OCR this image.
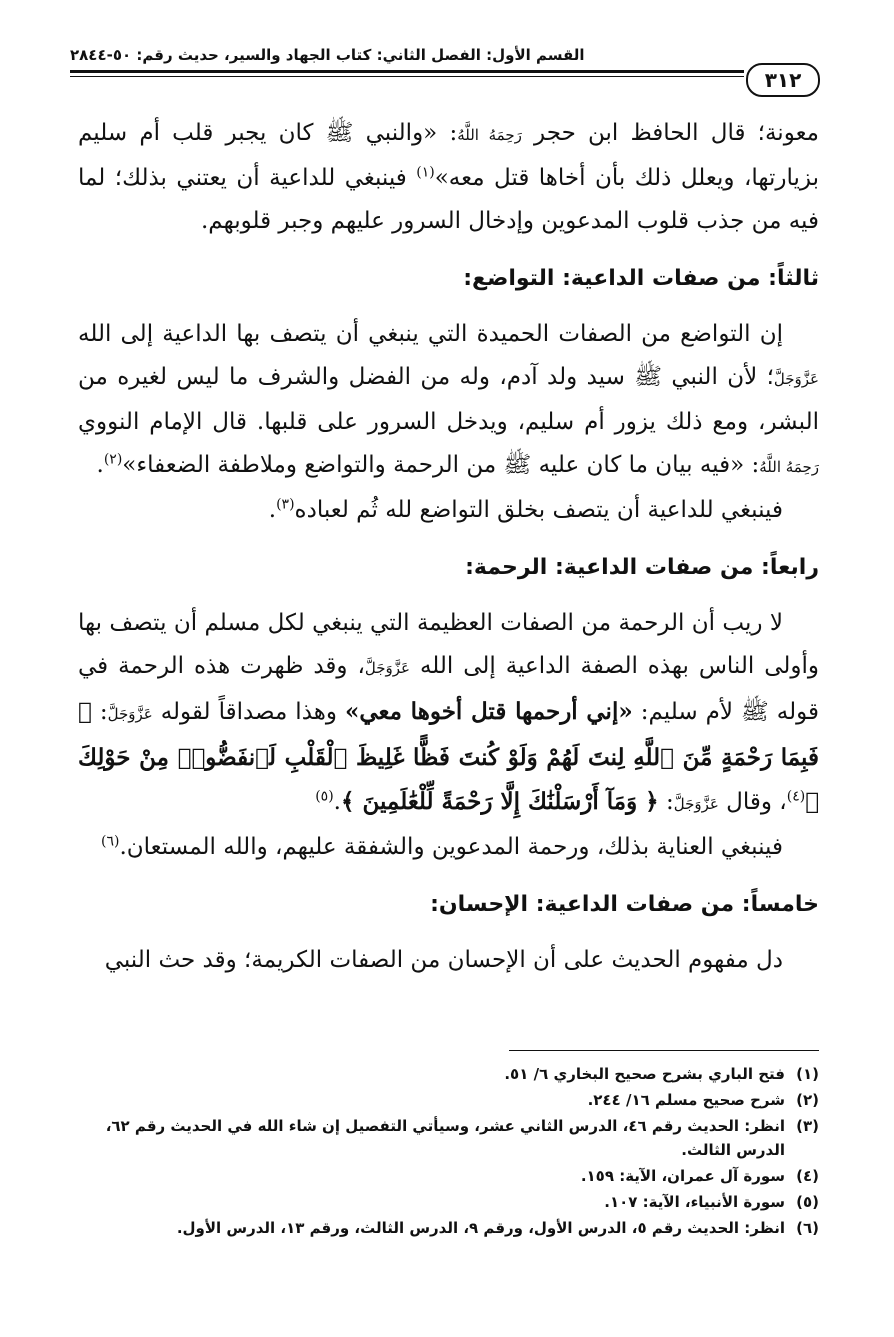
القسم الأول: الفصل الثاني: كتاب الجهاد والسير، حديث رقم: ٥٠-٢٨٤٤
٣١٢

معونة؛ قال الحافظ ابن حجر رَحِمَهُ اللَّهُ: «والنبي ﷺ كان يجبر قلب أم سليم بزيارتها، ويعلل ذلك بأن أخاها قتل معه»$^{(١)}$ فينبغي للداعية أن يعتني بذلك؛ لما فيه من جذب قلوب المدعوين وإدخال السرور عليهم وجبر قلوبهم.

ثالثاً: من صفات الداعية: التواضع:

إن التواضع من الصفات الحميدة التي ينبغي أن يتصف بها الداعية إلى الله عَزَّوَجَلَّ؛ لأن النبي ﷺ سيد ولد آدم، وله من الفضل والشرف ما ليس لغيره من البشر، ومع ذلك يزور أم سليم، ويدخل السرور على قلبها. قال الإمام النووي رَحِمَهُ اللَّهُ: «فيه بيان ما كان عليه ﷺ من الرحمة والتواضع وملاطفة الضعفاء»$^{(٢)}$.

فينبغي للداعية أن يتصف بخلق التواضع لله ثُم لعباده$^{(٣)}$.

رابعاً: من صفات الداعية: الرحمة:

لا ريب أن الرحمة من الصفات العظيمة التي ينبغي لكل مسلم أن يتصف بها وأولى الناس بهذه الصفة الداعية إلى الله عَزَّوَجَلَّ، وقد ظهرت هذه الرحمة في قوله ﷺ لأم سليم: «إني أرحمها قتل أخوها معي» وهذا مصداقاً لقوله عَزَّوَجَلَّ: ﴿ فَبِمَا رَحْمَةٍ مِّنَ ٱللَّهِ لِنتَ لَهُمْ وَلَوْ كُنتَ فَظًّا غَلِيظَ ٱلْقَلْبِ لَٱنفَضُّوا۟ مِنْ حَوْلِكَ ﴾$^{(٤)}$، وقال عَزَّوَجَلَّ: ﴿ وَمَآ أَرْسَلْنَٰكَ إِلَّا رَحْمَةً لِّلْعَٰلَمِينَ ﴾.$^{(٥)}$

فينبغي العناية بذلك، ورحمة المدعوين والشفقة عليهم، والله المستعان.$^{(٦)}$

خامساً: من صفات الداعية: الإحسان:

دل مفهوم الحديث على أن الإحسان من الصفات الكريمة؛ وقد حث النبي

(١)
فتح الباري بشرح صحيح البخاري ٦/ ٥١.

(٢)
شرح صحيح مسلم ١٦/ ٢٤٤.

(٣)
انظر: الحديث رقم ٤٦، الدرس الثاني عشر، وسيأتي التفصيل إن شاء الله في الحديث رقم ٦٢، الدرس الثالث.

(٤)
سورة آل عمران، الآية: ١٥٩.

(٥)
سورة الأنبياء، الآية: ١٠٧.

(٦)
انظر: الحديث رقم ٥، الدرس الأول، ورقم ٩، الدرس الثالث، ورقم ١٣، الدرس الأول.
